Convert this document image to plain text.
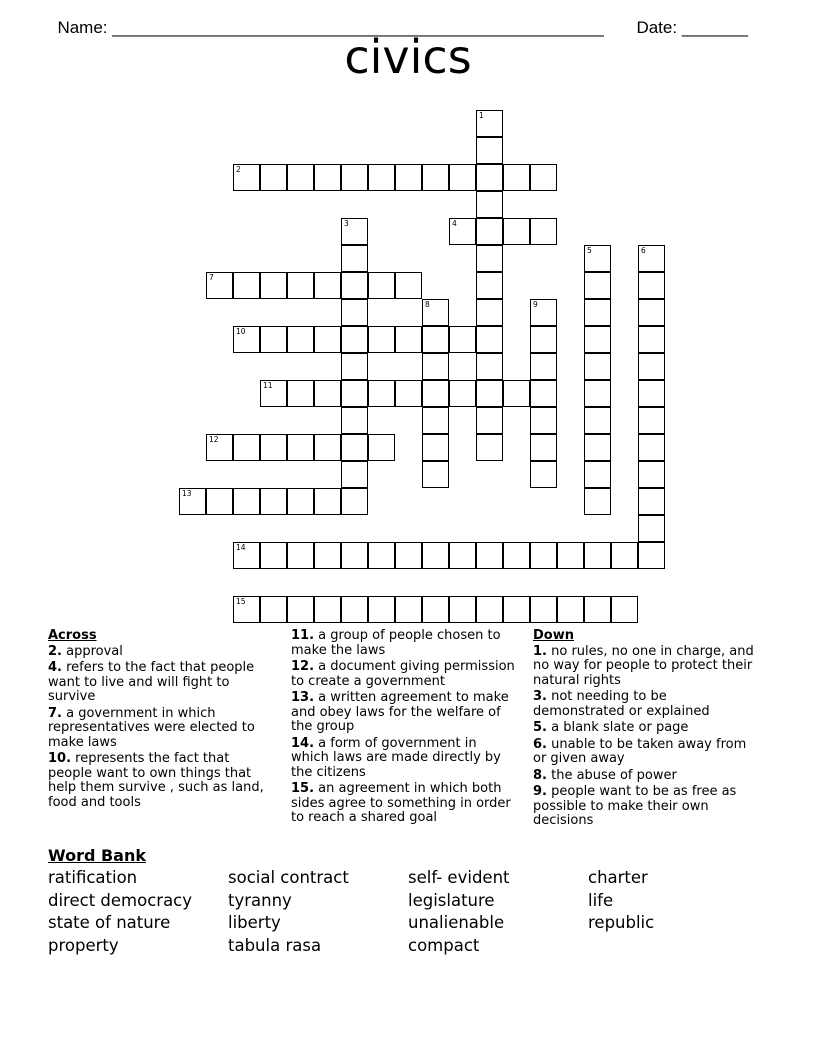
Name: ____________________________________________________	Date: _______

civics
2
4
7
10
11
12
13
14
15
1
3
5	6
8	9
Across
2. approval
4. refers to the fact that people want to live and will fight to survive
7. a government in which representatives were elected to make laws
10. represents the fact that people want to own things that help them survive , such as land, food and tools
11. a group of people chosen to make the laws
12. a document giving permission to create a government
13. a written agreement to make and obey laws for the welfare of the group
14. a form of government in which laws are made directly by the citizens
15. an agreement in which both sides agree to something in order to reach a shared goal
Down
1. no rules, no one in charge, and no way for people to protect their natural rights
3. not needing to be demonstrated or explained
5. a blank slate or page
6. unable to be taken away from or given away
8. the abuse of power
9. people want to be as free as possible to make their own decisions
Word Bank
ratification
direct democracy
state of nature
property
social contract
tyranny
liberty
tabula rasa
self- evident
legislature
unalienable
compact
charter
life
republic
